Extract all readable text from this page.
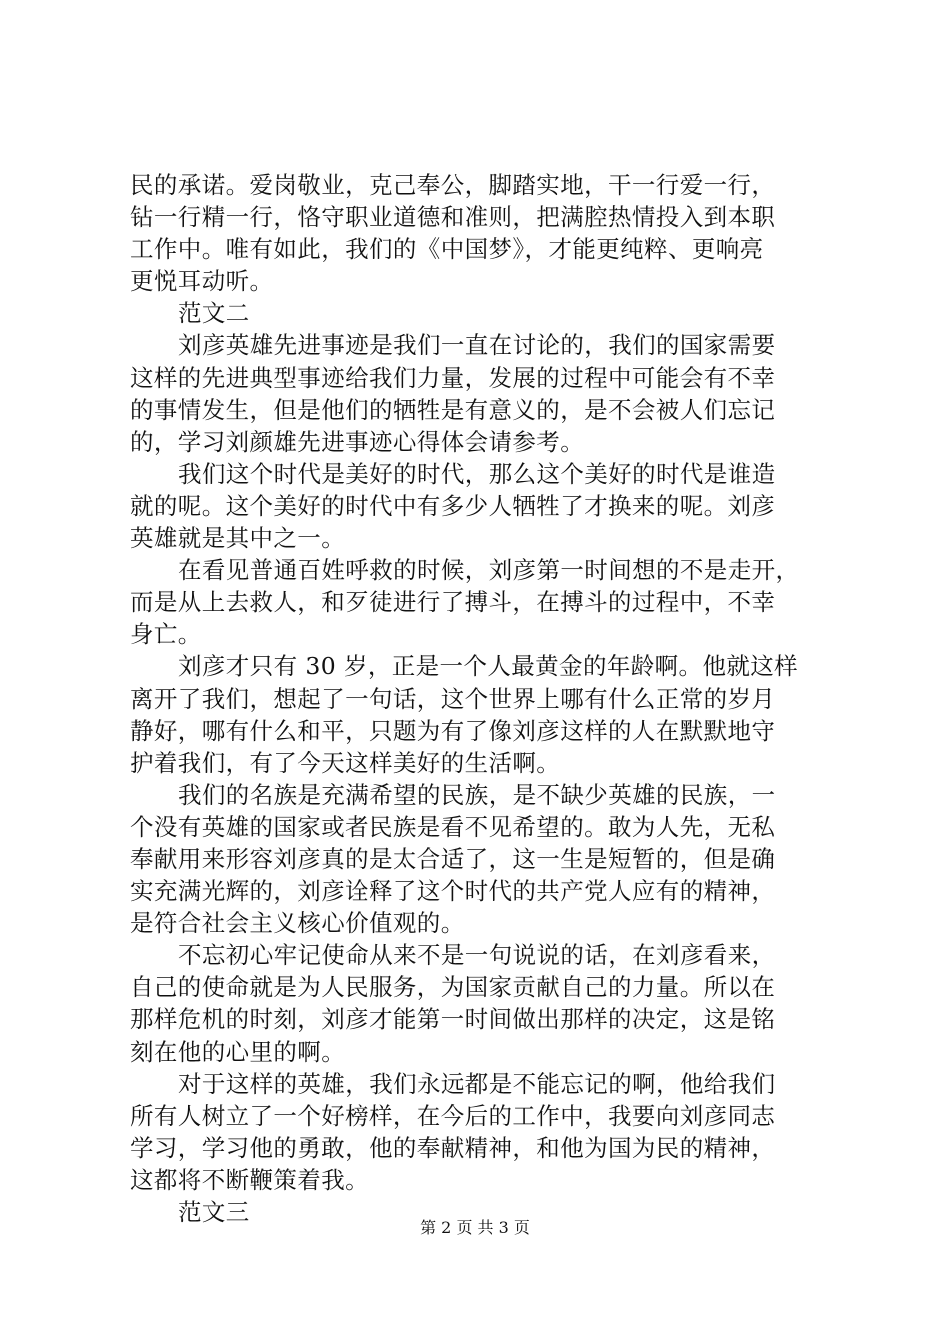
民的承诺。爱岗敬业，克己奉公，脚踏实地，干一行爱一行，
钻一行精一行，恪守职业道德和准则，把满腔热情投入到本职
工作中。唯有如此，我们的《中国梦》，才能更纯粹、更响亮
更悦耳动听。
范文二
刘彦英雄先进事迹是我们一直在讨论的，我们的国家需要
这样的先进典型事迹给我们力量，发展的过程中可能会有不幸
的事情发生，但是他们的牺牲是有意义的，是不会被人们忘记
的，学习刘颜雄先进事迹心得体会请参考。
我们这个时代是美好的时代，那么这个美好的时代是谁造
就的呢。这个美好的时代中有多少人牺牲了才换来的呢。刘彦
英雄就是其中之一。
在看见普通百姓呼救的时候，刘彦第一时间想的不是走开，
而是从上去救人，和歹徒进行了搏斗，在搏斗的过程中，不幸
身亡。
刘彦才只有 30 岁，正是一个人最黄金的年龄啊。他就这样
离开了我们，想起了一句话，这个世界上哪有什么正常的岁月
静好，哪有什么和平，只题为有了像刘彦这样的人在默默地守
护着我们，有了今天这样美好的生活啊。
我们的名族是充满希望的民族，是不缺少英雄的民族，一
个没有英雄的国家或者民族是看不见希望的。敢为人先，无私
奉献用来形容刘彦真的是太合适了，这一生是短暂的，但是确
实充满光辉的，刘彦诠释了这个时代的共产党人应有的精神，
是符合社会主义核心价值观的。
不忘初心牢记使命从来不是一句说说的话，在刘彦看来，
自己的使命就是为人民服务，为国家贡献自己的力量。所以在
那样危机的时刻，刘彦才能第一时间做出那样的决定，这是铭
刻在他的心里的啊。
对于这样的英雄，我们永远都是不能忘记的啊，他给我们
所有人树立了一个好榜样，在今后的工作中，我要向刘彦同志
学习，学习他的勇敢，他的奉献精神，和他为国为民的精神，
这都将不断鞭策着我。
范文三
第 2 页 共 3 页
